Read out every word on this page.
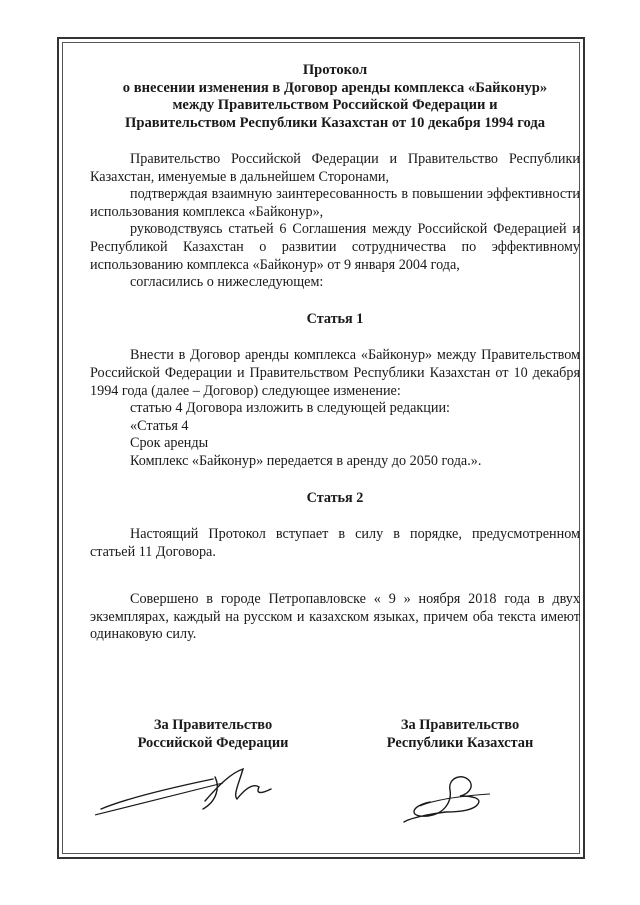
Протокол
о внесении изменения в Договор аренды комплекса «Байконур»
между Правительством Российской Федерации и
Правительством Республики Казахстан от 10 декабря 1994 года
Правительство Российской Федерации и Правительство Республики Казахстан, именуемые в дальнейшем Сторонами,
подтверждая взаимную заинтересованность в повышении эффективности использования комплекса «Байконур»,
руководствуясь статьей 6 Соглашения между Российской Федерацией и Республикой Казахстан о развитии сотрудничества по эффективному использованию комплекса «Байконур» от 9 января 2004 года,
согласились о нижеследующем:
Статья 1
Внести в Договор аренды комплекса «Байконур» между Правительством Российской Федерации и Правительством Республики Казахстан от 10 декабря 1994 года (далее – Договор) следующее изменение:
статью 4 Договора изложить в следующей редакции:
«Статья 4
Срок аренды
Комплекс «Байконур» передается в аренду до 2050 года.».
Статья 2
Настоящий Протокол вступает в силу в порядке, предусмотренном статьей 11 Договора.
Совершено в городе Петропавловске « 9 » ноября 2018 года в двух экземплярах, каждый на русском и казахском языках, причем оба текста имеют одинаковую силу.
За Правительство
Российской Федерации
За Правительство
Республики Казахстан
